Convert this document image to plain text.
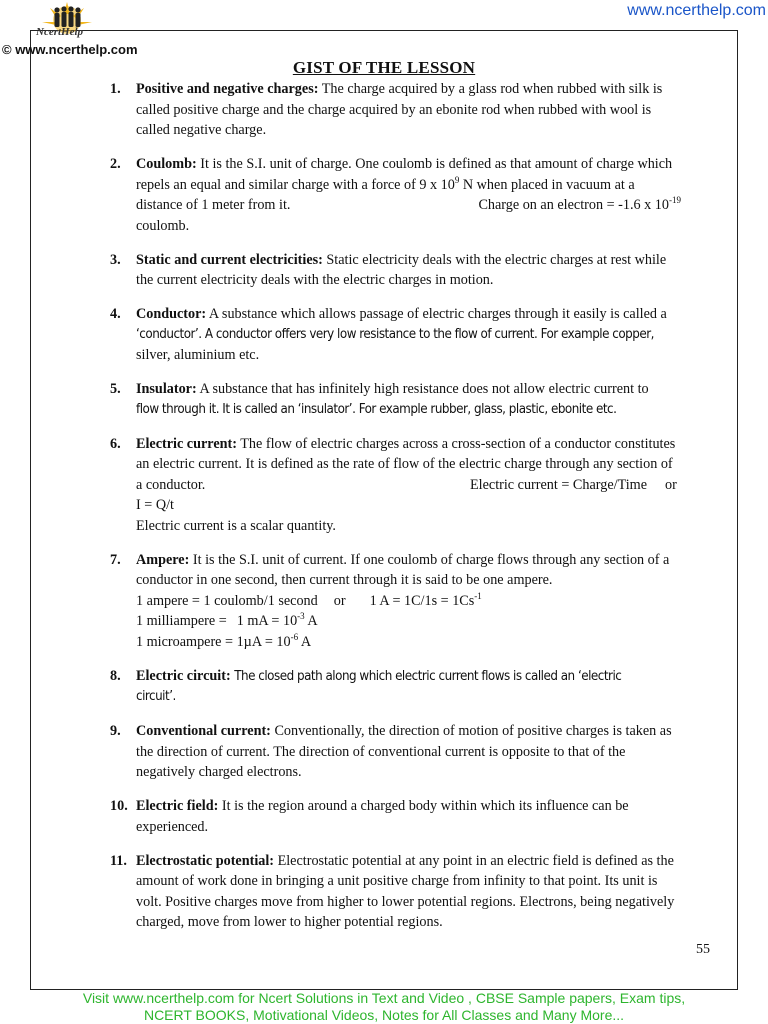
NcertHelp
© www.ncerthelp.com
www.ncerthelp.com
GIST OF THE LESSON
1. Positive and negative charges: The charge acquired by a glass rod when rubbed with silk is
called positive charge and the charge acquired by an ebonite rod when rubbed with wool is
called negative charge.
2. Coulomb: It is the S.I. unit of charge. One coulomb is defined as that amount of charge which
repels an equal and similar charge with a force of 9 x $10^9$ N when placed in vacuum at a
distance of 1 meter from it.	Charge on an electron = -1.6 x $10^{-19}$
coulomb.
3. Static and current electricities: Static electricity deals with the electric charges at rest while
the current electricity deals with the electric charges in motion.
4. Conductor: A substance which allows passage of electric charges through it easily is called a
‘conductor’. A conductor offers very low resistance to the flow of current. For example copper,
silver, aluminium etc.
5. Insulator: A substance that has infinitely high resistance does not allow electric current to
flow through it. It is called an ‘insulator’. For example rubber, glass, plastic, ebonite etc.
6. Electric current: The flow of electric charges across a cross-section of a conductor constitutes
an electric current. It is defined as the rate of flow of the electric charge through any section of
a conductor.	Electric current = Charge/Time or
I = Q/t
Electric current is a scalar quantity.
7. Ampere: It is the S.I. unit of current. If one coulomb of charge flows through any section of a
conductor in one second, then current through it is said to be one ampere.
1 ampere = 1 coulomb/1 second or 1 $A = 1C/1s = 1Cs^{-1}$
1 milliampere = 1 mA = $10^{-3}$ A
1 microampere = $1\mu A = 10^{-6}$ A
8. Electric circuit: The closed path along which electric current flows is called an ‘electric
circuit’.
9. Conventional current: Conventionally, the direction of motion of positive charges is taken as
the direction of current. The direction of conventional current is opposite to that of the
negatively charged electrons.
10. Electric field: It is the region around a charged body within which its influence can be
experienced.
11. Electrostatic potential: Electrostatic potential at any point in an electric field is defined as the
amount of work done in bringing a unit positive charge from infinity to that point. Its unit is
volt. Positive charges move from higher to lower potential regions. Electrons, being negatively
charged, move from lower to higher potential regions.
55
Visit www.ncerthelp.com for Ncert Solutions in Text and Video , CBSE Sample papers, Exam tips,
NCERT BOOKS, Motivational Videos, Notes for All Classes and Many More...
